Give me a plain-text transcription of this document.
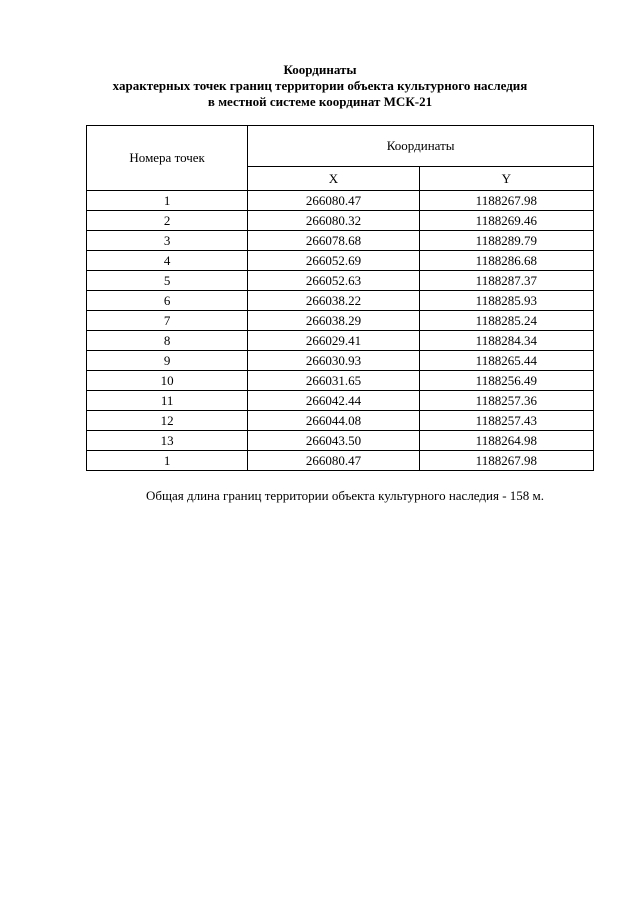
Координаты
характерных точек границ территории объекта культурного наследия
в местной системе координат МСК-21
Номера точек	Координаты	
	X	Y
1	266080.47	1188267.98
2	266080.32	1188269.46
3	266078.68	1188289.79
4	266052.69	1188286.68
5	266052.63	1188287.37
6	266038.22	1188285.93
7	266038.29	1188285.24
8	266029.41	1188284.34
9	266030.93	1188265.44
10	266031.65	1188256.49
11	266042.44	1188257.36
12	266044.08	1188257.43
13	266043.50	1188264.98
1	266080.47	1188267.98
Общая длина границ территории объекта культурного наследия - 158 м.
